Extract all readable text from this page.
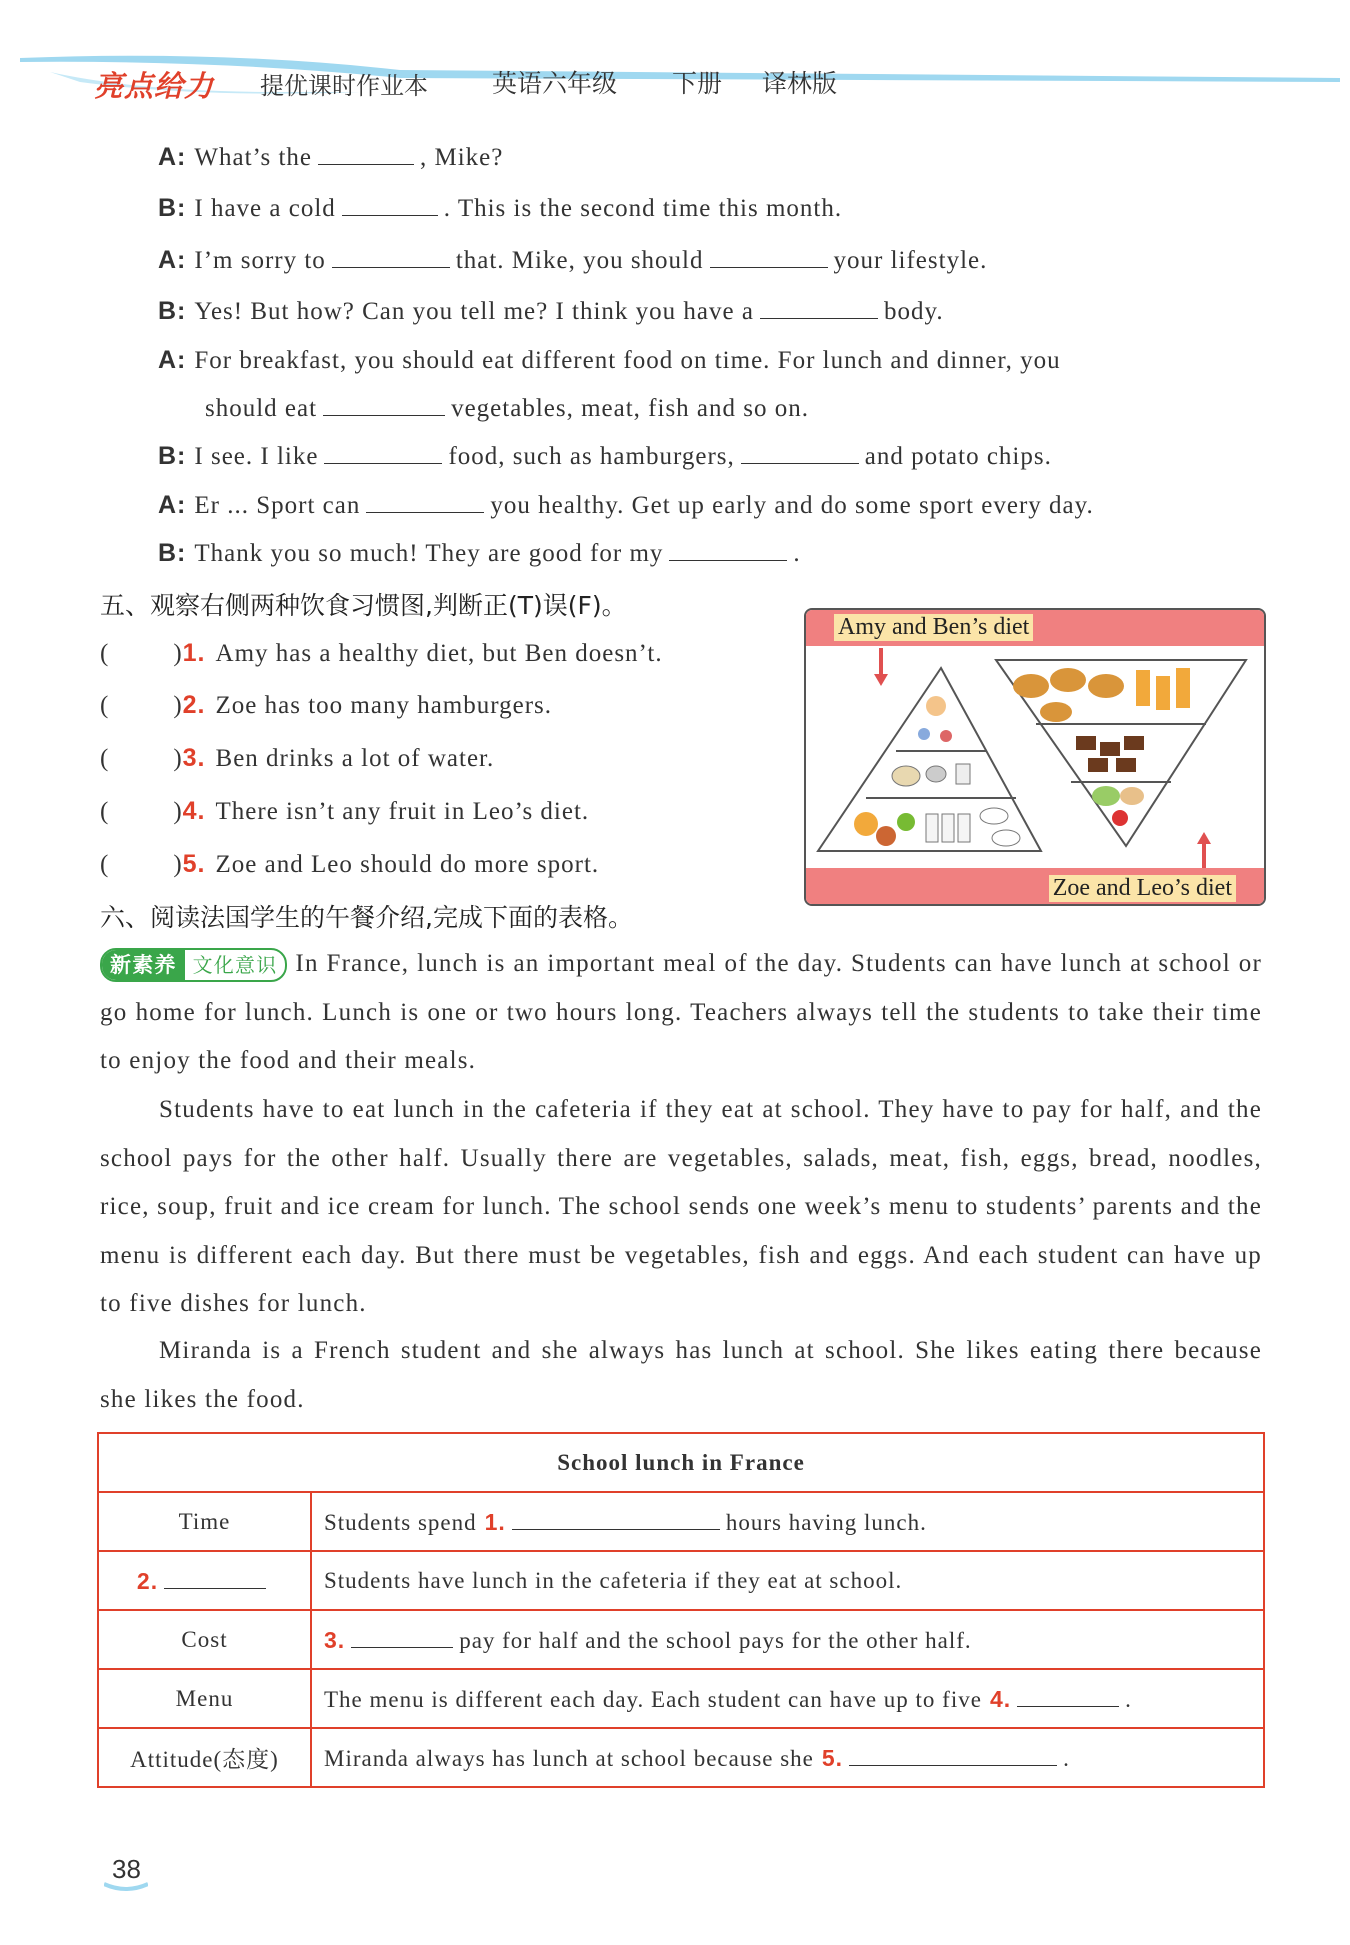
亮点给力 提优课时作业本	英语六年级 下册 译林版
A: What’s the	, Mike?
B: I have a cold	. This is the second time this month.
A: I’m sorry to	that. Mike, you should	your lifestyle.
B: Yes! But how? Can you tell me? I think you have a	body.
A: For breakfast, you should eat different food on time. For lunch and dinner, you
should eat	vegetables, meat, fish and so on.
B: I see. I like	food, such as hamburgers,	and potato chips.
A: Er ... Sport can	you healthy. Get up early and do some sport every day.
B: Thank you so much! They are good for my	.
五、观察右侧两种饮食习惯图,判断正(T)误(F)。
(	)1. Amy has a healthy diet, but Ben doesn’t.
(	)2. Zoe has too many hamburgers.
(	)3. Ben drinks a lot of water.
(	)4. There isn’t any fruit in Leo’s diet.
(	)5. Zoe and Leo should do more sport.
Amy and Ben’s diet
Zoe and Leo’s diet
六、阅读法国学生的午餐介绍,完成下面的表格。
新素养 文化意识 In France, lunch is an important meal of the day. Students can have lunch at school or go home for lunch. Lunch is one or two hours long. Teachers always tell the students to take their time to enjoy the food and their meals.
Students have to eat lunch in the cafeteria if they eat at school. They have to pay for half, and the school pays for the other half. Usually there are vegetables, salads, meat, fish, eggs, bread, noodles, rice, soup, fruit and ice cream for lunch. The school sends one week’s menu to students’ parents and the menu is different each day. But there must be vegetables, fish and eggs. And each student can have up to five dishes for lunch.
Miranda is a French student and she always has lunch at school. She likes eating there because she likes the food.
School lunch in France	
Time	Students spend 1. hours having lunch.
2.	Students have lunch in the cafeteria if they eat at school.
Cost	3. pay for half and the school pays for the other half.
Menu	The menu is different each day. Each student can have up to five 4. .
Attitude(态度)	Miranda always has lunch at school because she 5. .
38
